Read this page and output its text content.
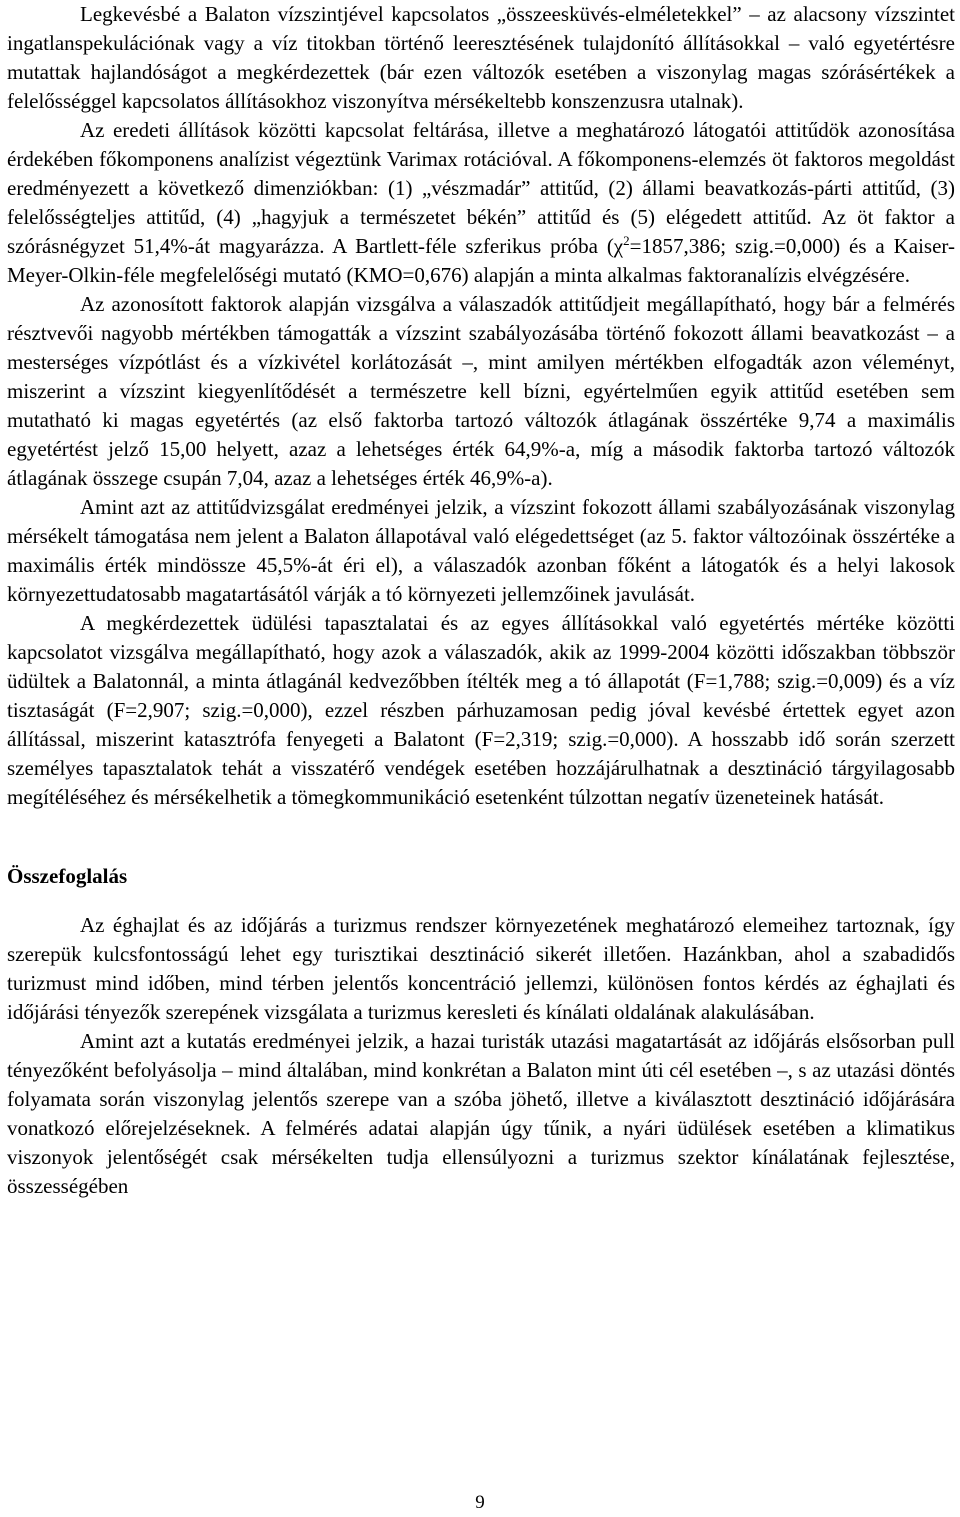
Legkevésbé a Balaton vízszintjével kapcsolatos „összeesküvés-elméletekkel” – az alacsony vízszintet ingatlanspekulációnak vagy a víz titokban történő leeresztésének tulajdonító állításokkal – való egyetértésre mutattak hajlandóságot a megkérdezettek (bár ezen változók esetében a viszonylag magas szórásértékek a felelősséggel kapcsolatos állításokhoz viszonyítva mérsékeltebb konszenzusra utalnak).

Az eredeti állítások közötti kapcsolat feltárása, illetve a meghatározó látogatói attitűdök azonosítása érdekében főkomponens analízist végeztünk Varimax rotációval. A főkomponens-elemzés öt faktoros megoldást eredményezett a következő dimenziókban: (1) „vészmadár” attitűd, (2) állami beavatkozás-párti attitűd, (3) felelősségteljes attitűd, (4) „hagyjuk a természetet békén” attitűd és (5) elégedett attitűd. Az öt faktor a szórásnégyzet 51,4%-át magyarázza. A Bartlett-féle szferikus próba ($\chi^2=1857,386$; szig.=0,000) és a Kaiser-Meyer-Olkin-féle megfelelőségi mutató (KMO=0,676) alapján a minta alkalmas faktoranalízis elvégzésére.

Az azonosított faktorok alapján vizsgálva a válaszadók attitűdjeit megállapítható, hogy bár a felmérés résztvevői nagyobb mértékben támogatták a vízszint szabályozásába történő fokozott állami beavatkozást – a mesterséges vízpótlást és a vízkivétel korlátozását –, mint amilyen mértékben elfogadták azon véleményt, miszerint a vízszint kiegyenlítődését a természetre kell bízni, egyértelműen egyik attitűd esetében sem mutatható ki magas egyetértés (az első faktorba tartozó változók átlagának összértéke 9,74 a maximális egyetértést jelző 15,00 helyett, azaz a lehetséges érték 64,9%-a, míg a második faktorba tartozó változók átlagának összege csupán 7,04, azaz a lehetséges érték 46,9%-a).

Amint azt az attitűdvizsgálat eredményei jelzik, a vízszint fokozott állami szabályozásának viszonylag mérsékelt támogatása nem jelent a Balaton állapotával való elégedettséget (az 5. faktor változóinak összértéke a maximális érték mindössze 45,5%-át éri el), a válaszadók azonban főként a látogatók és a helyi lakosok környezettudatosabb magatartásától várják a tó környezeti jellemzőinek javulását.

A megkérdezettek üdülési tapasztalatai és az egyes állításokkal való egyetértés mértéke közötti kapcsolatot vizsgálva megállapítható, hogy azok a válaszadók, akik az 1999-2004 közötti időszakban többször üdültek a Balatonnál, a minta átlagánál kedvezőbben ítélték meg a tó állapotát (F=1,788; szig.=0,009) és a víz tisztaságát (F=2,907; szig.=0,000), ezzel részben párhuzamosan pedig jóval kevésbé értettek egyet azon állítással, miszerint katasztrófa fenyegeti a Balatont (F=2,319; szig.=0,000). A hosszabb idő során szerzett személyes tapasztalatok tehát a visszatérő vendégek esetében hozzájárulhatnak a desztináció tárgyilagosabb megítéléséhez és mérsékelhetik a tömegkommunikáció esetenként túlzottan negatív üzeneteinek hatását.

Összefoglalás

Az éghajlat és az időjárás a turizmus rendszer környezetének meghatározó elemeihez tartoznak, így szerepük kulcsfontosságú lehet egy turisztikai desztináció sikerét illetően. Hazánkban, ahol a szabadidős turizmust mind időben, mind térben jelentős koncentráció jellemzi, különösen fontos kérdés az éghajlati és időjárási tényezők szerepének vizsgálata a turizmus keresleti és kínálati oldalának alakulásában.

Amint azt a kutatás eredményei jelzik, a hazai turisták utazási magatartását az időjárás elsősorban pull tényezőként befolyásolja – mind általában, mind konkrétan a Balaton mint úti cél esetében –, s az utazási döntés folyamata során viszonylag jelentős szerepe van a szóba jöhető, illetve a kiválasztott desztináció időjárására vonatkozó előrejelzéseknek. A felmérés adatai alapján úgy tűnik, a nyári üdülések esetében a klimatikus viszonyok jelentőségét csak mérsékelten tudja ellensúlyozni a turizmus szektor kínálatának fejlesztése, összességében

9
